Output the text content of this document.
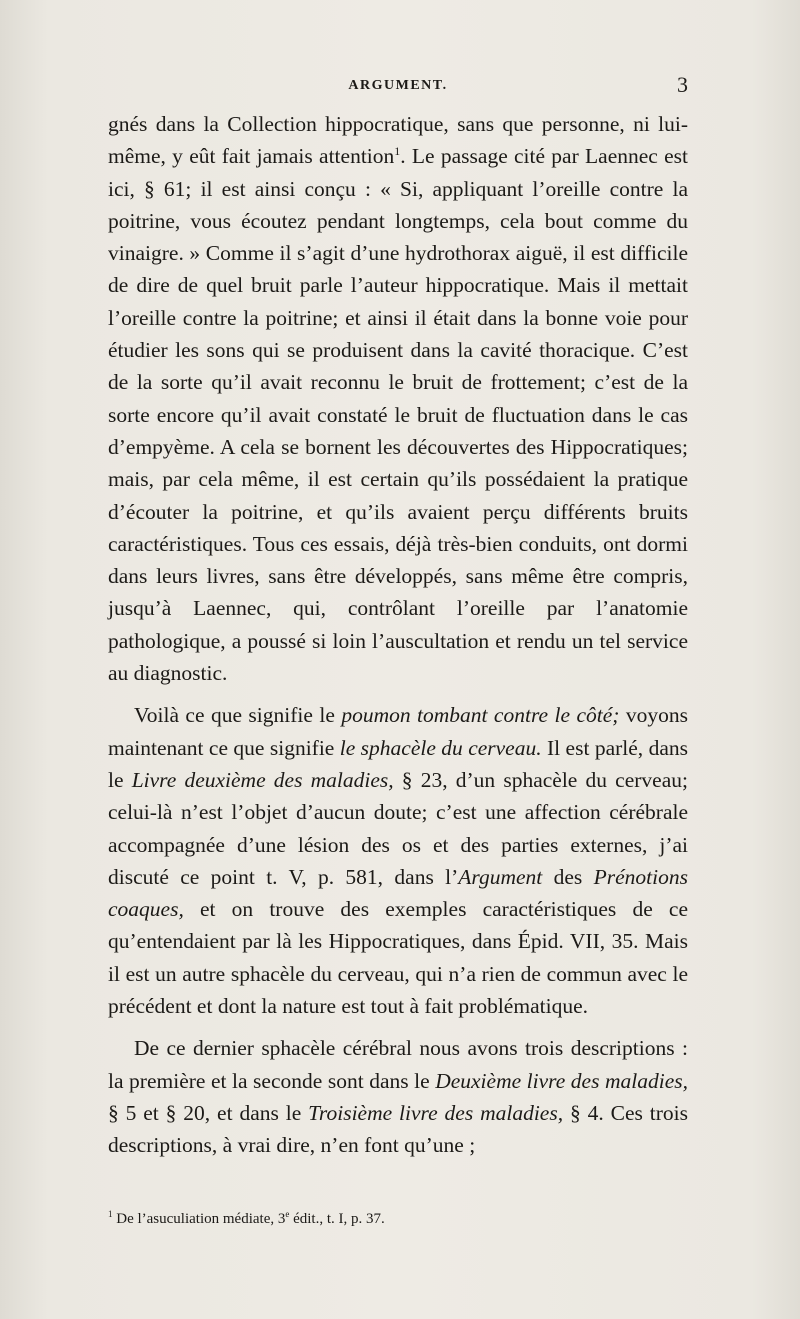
ARGUMENT.	3

gnés dans la Collection hippocratique, sans que personne, ni lui-même, y eût fait jamais attention$^1$. Le passage cité par Laennec est ici, § 61; il est ainsi conçu : « Si, appliquant l’oreille contre la poitrine, vous écoutez pendant longtemps, cela bout comme du vinaigre. » Comme il s’agit d’une hydrothorax aiguë, il est difficile de dire de quel bruit parle l’auteur hippocratique. Mais il mettait l’oreille contre la poitrine; et ainsi il était dans la bonne voie pour étudier les sons qui se produisent dans la cavité thoracique. C’est de la sorte qu’il avait reconnu le bruit de frottement; c’est de la sorte encore qu’il avait constaté le bruit de fluctuation dans le cas d’empyème. A cela se bornent les découvertes des Hippocratiques; mais, par cela même, il est certain qu’ils possédaient la pratique d’écouter la poitrine, et qu’ils avaient perçu différents bruits caractéristiques. Tous ces essais, déjà très-bien conduits, ont dormi dans leurs livres, sans être développés, sans même être compris, jusqu’à Laennec, qui, contrôlant l’oreille par l’anatomie pathologique, a poussé si loin l’auscultation et rendu un tel service au diagnostic.

Voilà ce que signifie le poumon tombant contre le côté; voyons maintenant ce que signifie le sphacèle du cerveau. Il est parlé, dans le Livre deuxième des maladies, § 23, d’un sphacèle du cerveau; celui-là n’est l’objet d’aucun doute; c’est une affection cérébrale accompagnée d’une lésion des os et des parties externes, j’ai discuté ce point t. V, p. 581, dans l’Argument des Prénotions coaques, et on trouve des exemples caractéristiques de ce qu’entendaient par là les Hippocratiques, dans Épid. VII, 35. Mais il est un autre sphacèle du cerveau, qui n’a rien de commun avec le précédent et dont la nature est tout à fait problématique.

De ce dernier sphacèle cérébral nous avons trois descriptions : la première et la seconde sont dans le Deuxième livre des maladies, § 5 et § 20, et dans le Troisième livre des maladies, § 4. Ces trois descriptions, à vrai dire, n’en font qu’une ;

$^1$ De l’asuculiation médiate, 3e édit., t. I, p. 37.
